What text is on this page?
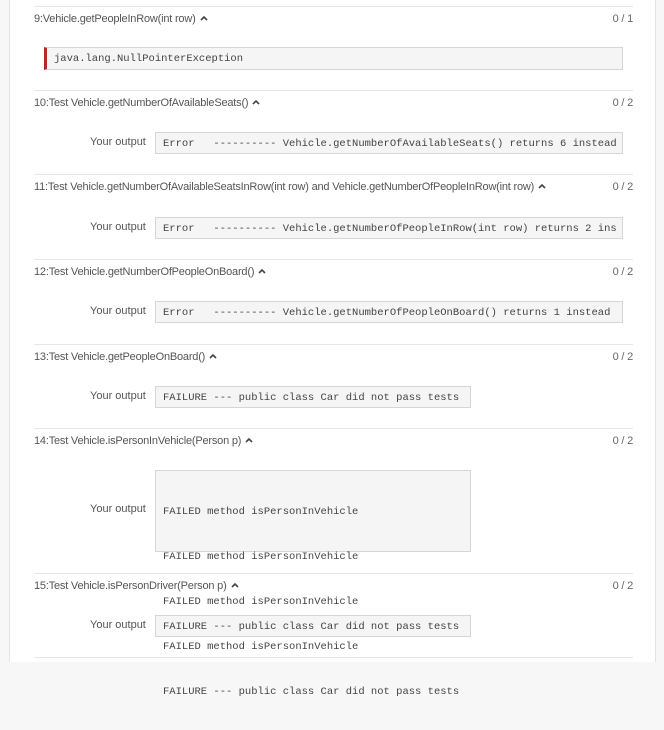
9:Vehicle.getPeopleInRow(int row)	0 / 1
java.lang.NullPointerException
10:Test Vehicle.getNumberOfAvailableSeats()	0 / 2
Your output Error   ---------- Vehicle.getNumberOfAvailableSeats() returns 6 instead
11:Test Vehicle.getNumberOfAvailableSeatsInRow(int row) and Vehicle.getNumberOfPeopleInRow(int row)	0 / 2
Your output Error   ---------- Vehicle.getNumberOfPeopleInRow(int row) returns 2 ins
12:Test Vehicle.getNumberOfPeopleOnBoard()	0 / 2
Your output Error   ---------- Vehicle.getNumberOfPeopleOnBoard() returns 1 instead
13:Test Vehicle.getPeopleOnBoard()	0 / 2
Your output FAILURE --- public class Car did not pass tests
14:Test Vehicle.isPersonInVehicle(Person p)	0 / 2
Your output

FAILED method isPersonInVehicle

FAILED method isPersonInVehicle

FAILED method isPersonInVehicle

FAILED method isPersonInVehicle

FAILURE --- public class Car did not pass tests

15:Test Vehicle.isPersonDriver(Person p)	0 / 2
Your output FAILURE --- public class Car did not pass tests
